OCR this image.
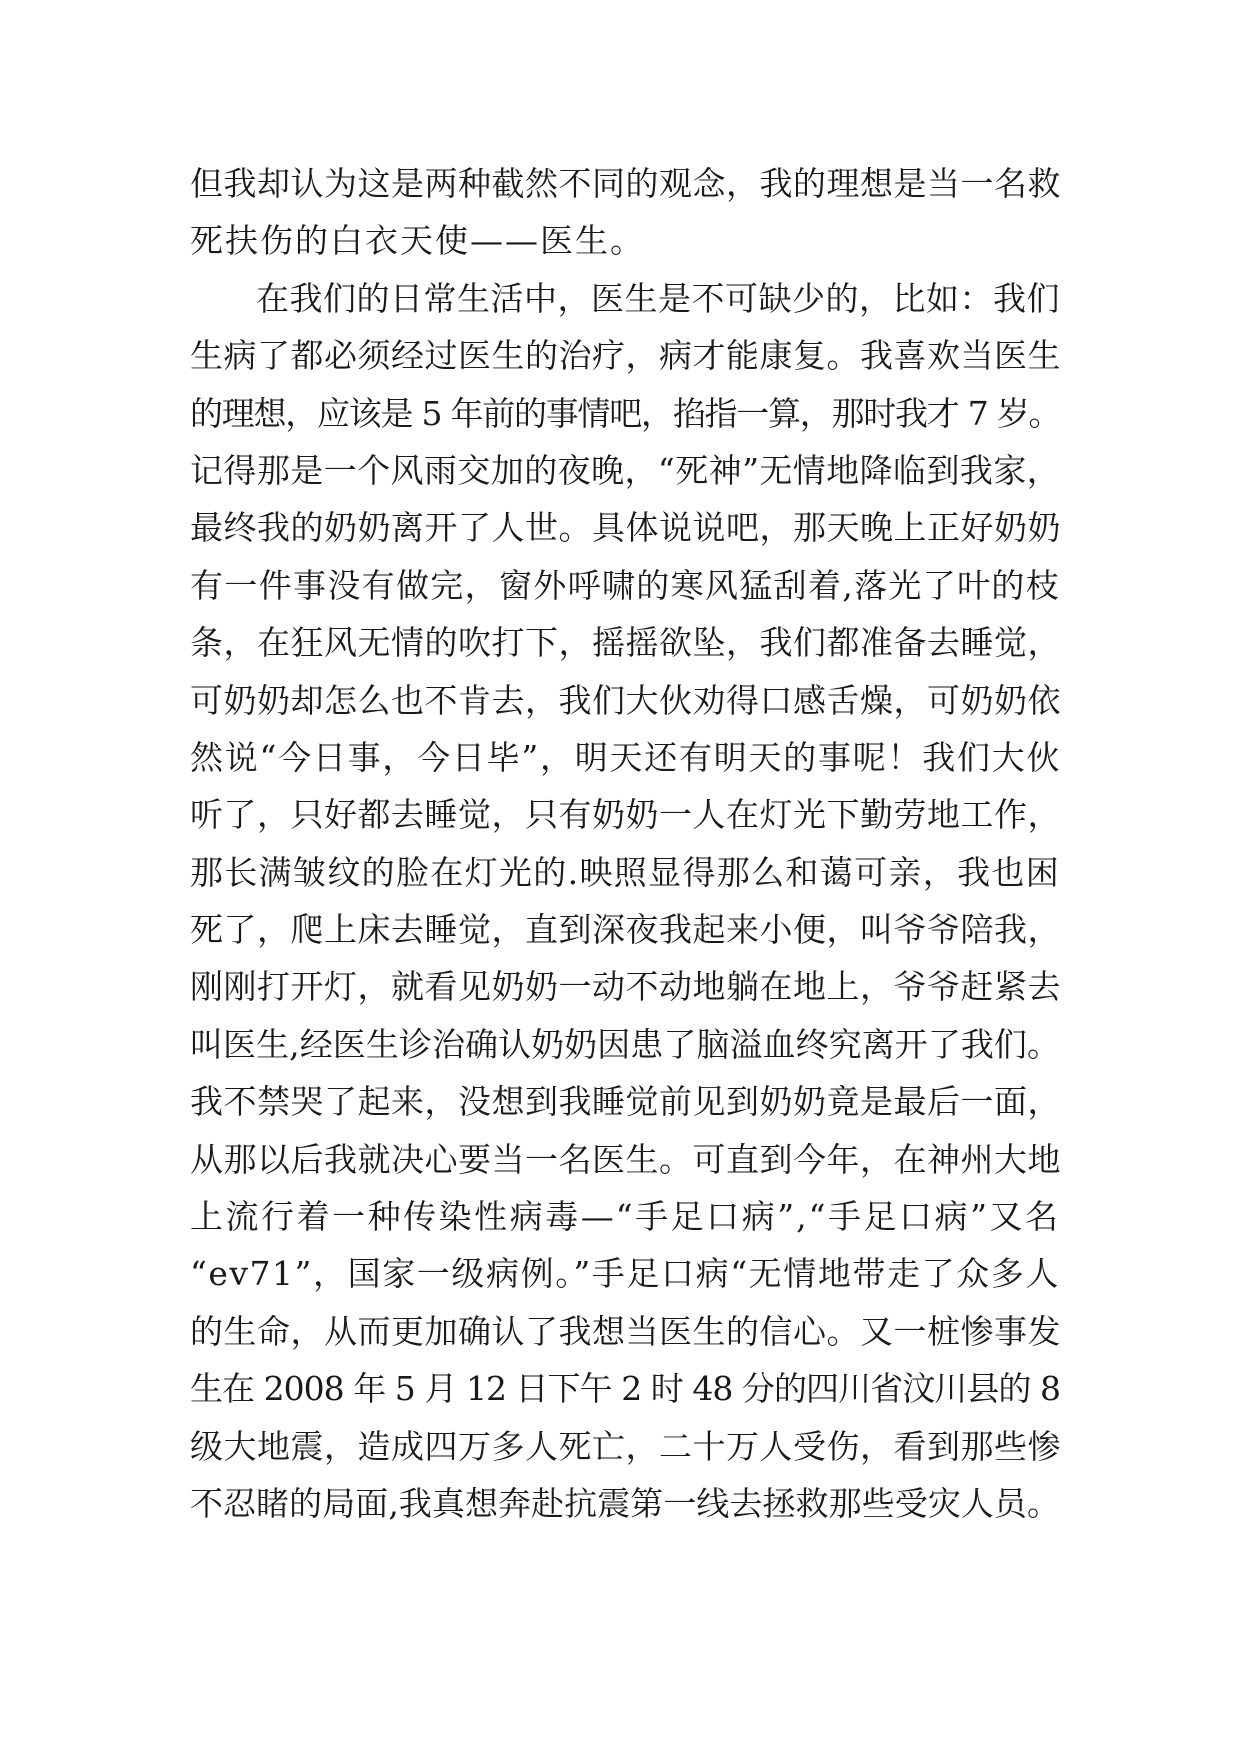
但我却认为这是两种截然不同的观念，我的理想是当一名救
死扶伤的白衣天使——医生。
在我们的日常生活中，医生是不可缺少的，比如：我们
生病了都必须经过医生的治疗，病才能康复。我喜欢当医生
的理想，应该是 5 年前的事情吧，掐指一算，那时我才 7 岁。
记得那是一个风雨交加的夜晚，“死神”无情地降临到我家，
最终我的奶奶离开了人世。具体说说吧，那天晚上正好奶奶
有一件事没有做完，窗外呼啸的寒风猛刮着,落光了叶的枝
条，在狂风无情的吹打下，摇摇欲坠，我们都准备去睡觉，
可奶奶却怎么也不肯去，我们大伙劝得口感舌燥，可奶奶依
然说“今日事，今日毕”，明天还有明天的事呢！我们大伙
听了，只好都去睡觉，只有奶奶一人在灯光下勤劳地工作，
那长满皱纹的脸在灯光的.映照显得那么和蔼可亲，我也困
死了，爬上床去睡觉，直到深夜我起来小便，叫爷爷陪我，
刚刚打开灯，就看见奶奶一动不动地躺在地上，爷爷赶紧去
叫医生,经医生诊治确认奶奶因患了脑溢血终究离开了我们。
我不禁哭了起来，没想到我睡觉前见到奶奶竟是最后一面，
从那以后我就决心要当一名医生。可直到今年，在神州大地
上流行着一种传染性病毒—“手足口病”,“手足口病”又名
“ev71”，国家一级病例。”手足口病“无情地带走了众多人
的生命，从而更加确认了我想当医生的信心。又一桩惨事发
生在 2008 年 5 月 12 日下午 2 时 48 分的四川省汶川县的 8
级大地震，造成四万多人死亡，二十万人受伤，看到那些惨
不忍睹的局面,我真想奔赴抗震第一线去拯救那些受灾人员。
